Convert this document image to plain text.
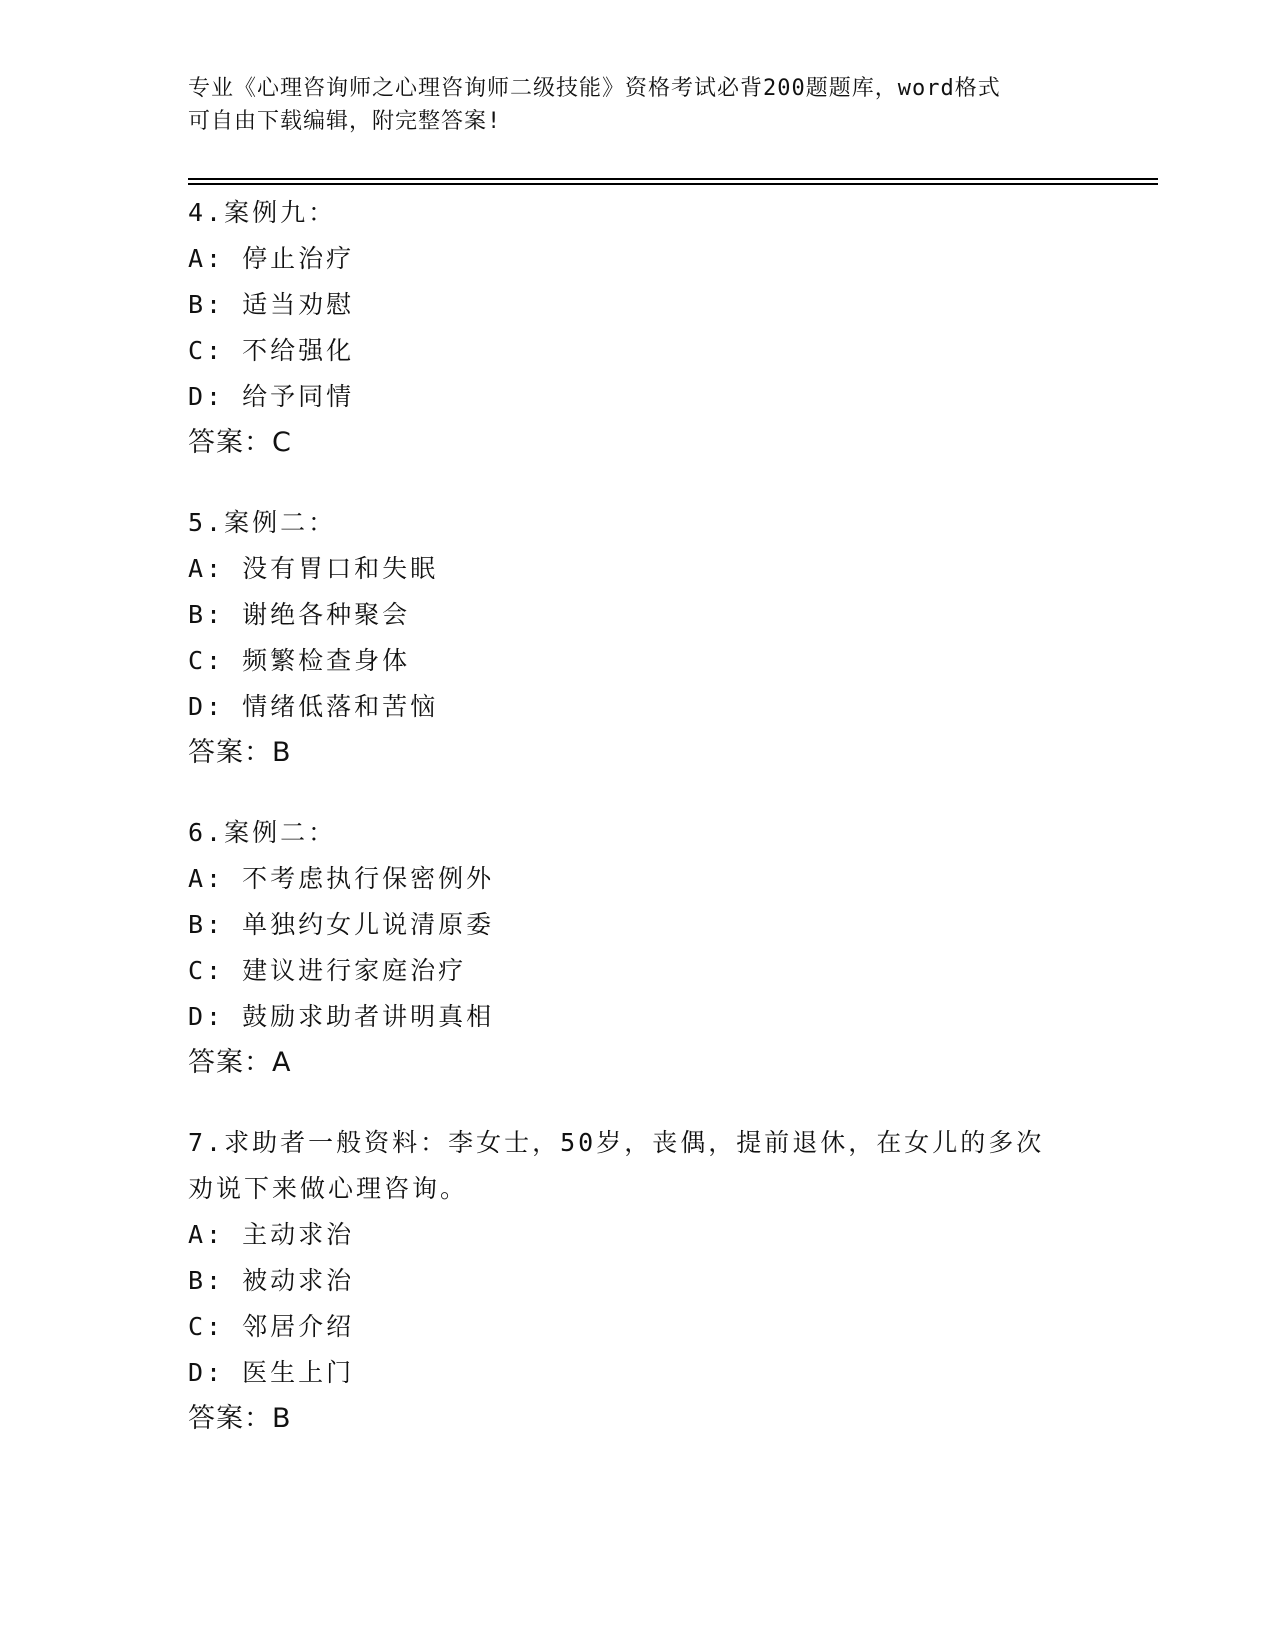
专业《心理咨询师之心理咨询师二级技能》资格考试必背200题题库，word格式

可自由下载编辑，附完整答案!

4.案例九：
A: 停止治疗
B: 适当劝慰
C: 不给强化
D: 给予同情
答案：C
5.案例二：
A: 没有胃口和失眠
B: 谢绝各种聚会
C: 频繁检查身体
D: 情绪低落和苦恼
答案：B
6.案例二：
A: 不考虑执行保密例外
B: 单独约女儿说清原委
C: 建议进行家庭治疗
D: 鼓励求助者讲明真相
答案：A
7.求助者一般资料：李女士，50岁，丧偶，提前退休，在女儿的多次劝说下来做心理咨询。
A: 主动求治
B: 被动求治
C: 邻居介绍
D: 医生上门
答案：B
